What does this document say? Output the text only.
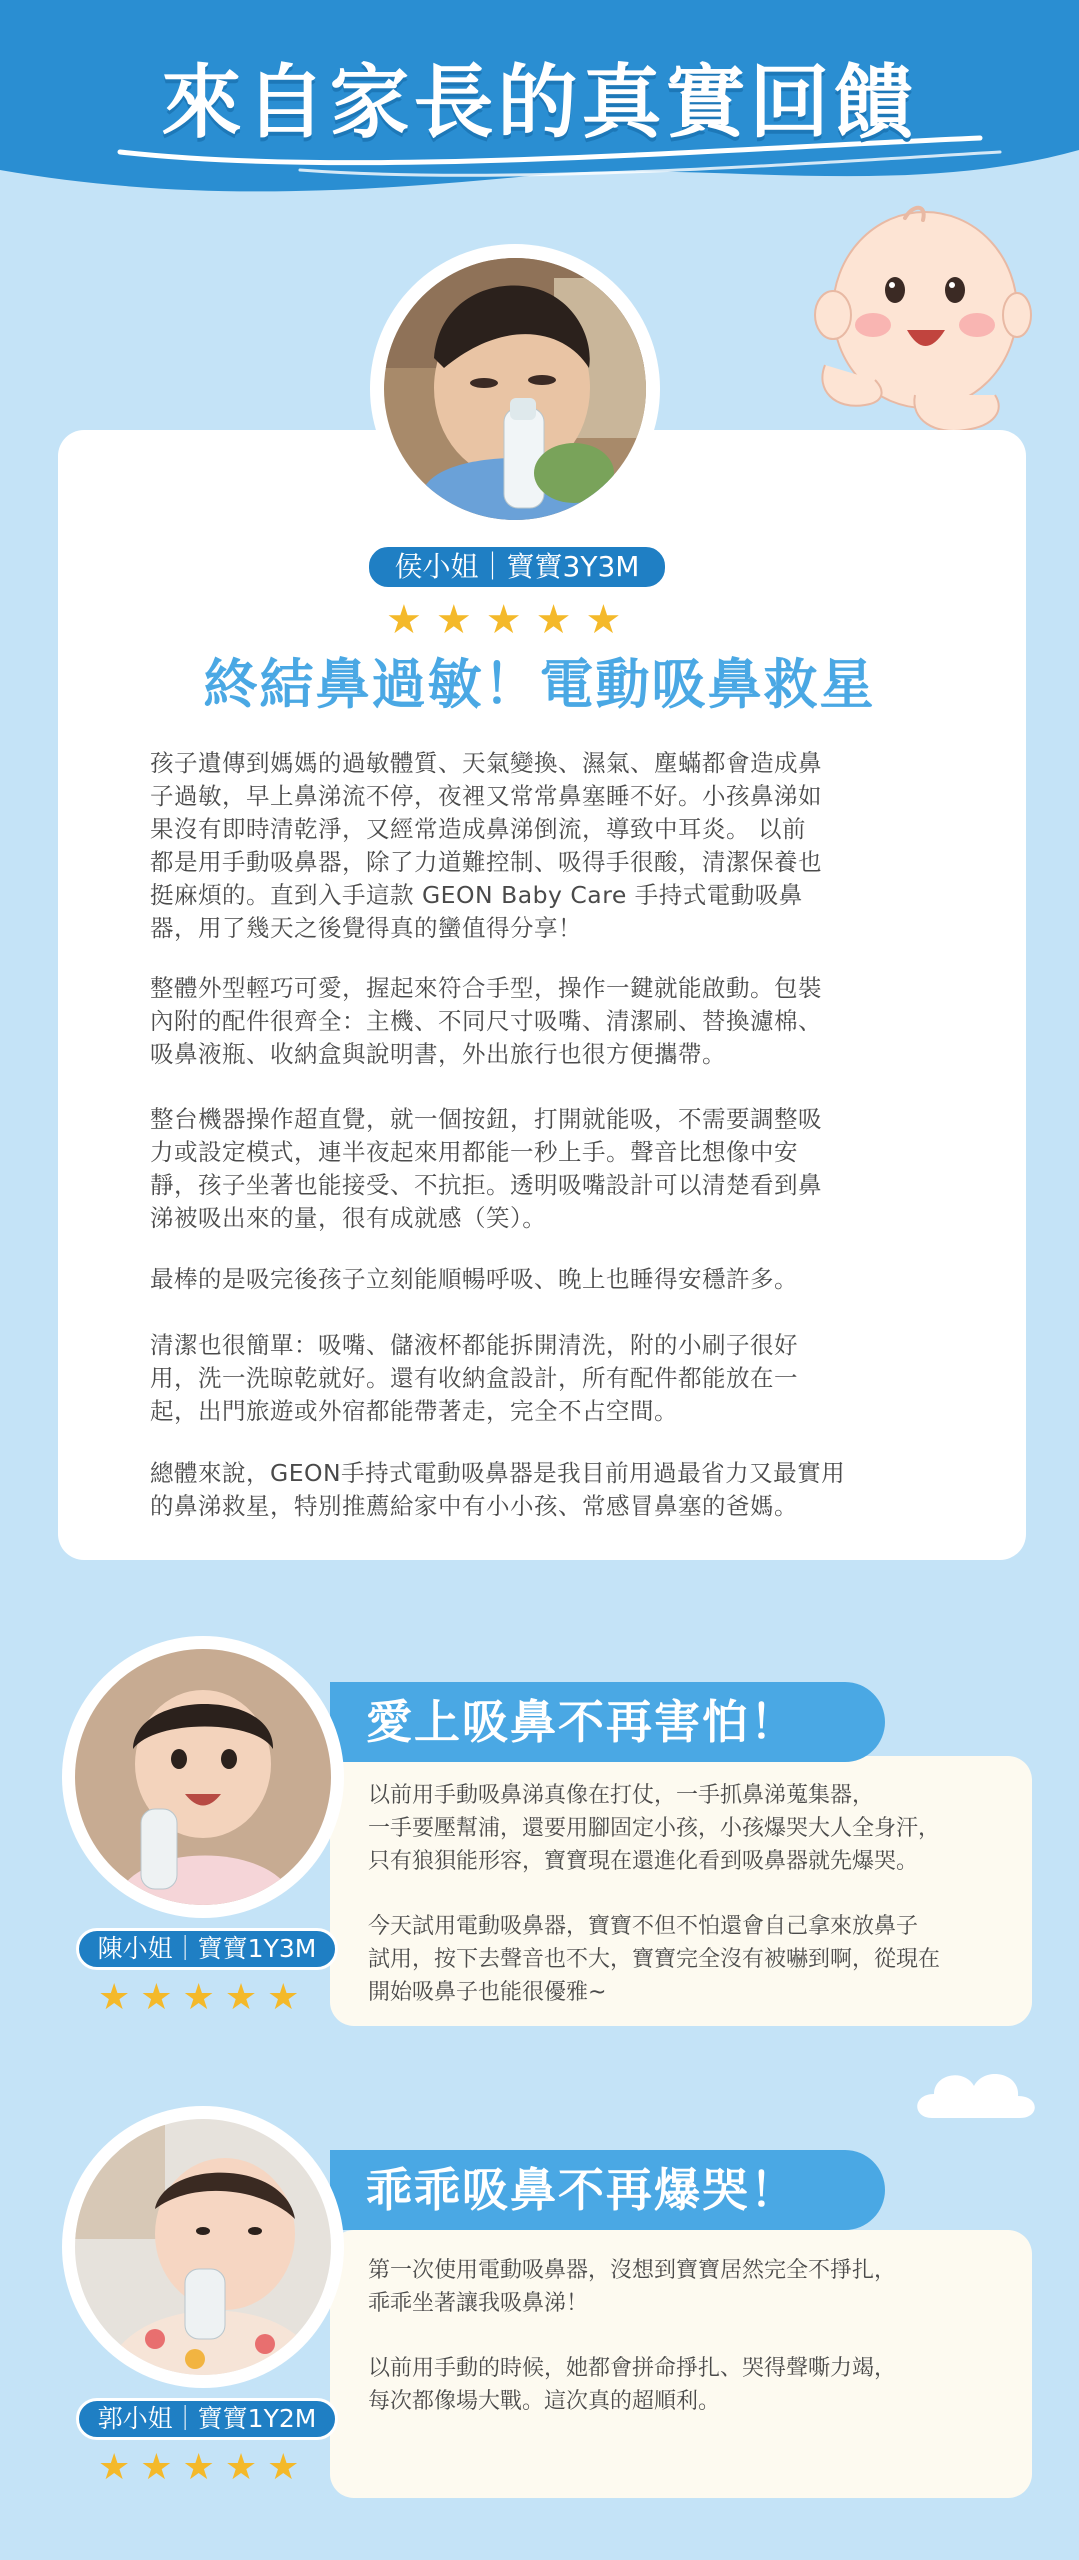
來自家長的真實回饋
侯小姐｜寶寶3Y3M
★★★★★
終結鼻過敏！電動吸鼻救星
孩子遺傳到媽媽的過敏體質、天氣變換、濕氣、塵蟎都會造成鼻
子過敏，早上鼻涕流不停，夜裡又常常鼻塞睡不好。小孩鼻涕如
果沒有即時清乾淨，又經常造成鼻涕倒流，導致中耳炎。 以前
都是用手動吸鼻器，除了力道難控制、吸得手很酸，清潔保養也
挺麻煩的。直到入手這款 GEON Baby Care 手持式電動吸鼻
器，用了幾天之後覺得真的蠻值得分享！
整體外型輕巧可愛，握起來符合手型，操作一鍵就能啟動。包裝
內附的配件很齊全：主機、不同尺寸吸嘴、清潔刷、替換濾棉、
吸鼻液瓶、收納盒與說明書，外出旅行也很方便攜帶。
整台機器操作超直覺，就一個按鈕，打開就能吸，不需要調整吸
力或設定模式，連半夜起來用都能一秒上手。聲音比想像中安
靜，孩子坐著也能接受、不抗拒。透明吸嘴設計可以清楚看到鼻
涕被吸出來的量，很有成就感（笑）。
最棒的是吸完後孩子立刻能順暢呼吸、晚上也睡得安穩許多。
清潔也很簡單：吸嘴、儲液杯都能拆開清洗，附的小刷子很好
用，洗一洗晾乾就好。還有收納盒設計，所有配件都能放在一
起，出門旅遊或外宿都能帶著走，完全不占空間。
總體來說，GEON手持式電動吸鼻器是我目前用過最省力又最實用
的鼻涕救星，特別推薦給家中有小小孩、常感冒鼻塞的爸媽。
愛上吸鼻不再害怕！
陳小姐｜寶寶1Y3M
★★★★★
以前用手動吸鼻涕真像在打仗，一手抓鼻涕蒐集器，
一手要壓幫浦，還要用腳固定小孩，小孩爆哭大人全身汗，
只有狼狽能形容，寶寶現在還進化看到吸鼻器就先爆哭。
今天試用電動吸鼻器，寶寶不但不怕還會自己拿來放鼻子
試用，按下去聲音也不大，寶寶完全沒有被嚇到啊，從現在
開始吸鼻子也能很優雅~
乖乖吸鼻不再爆哭！
郭小姐｜寶寶1Y2M
★★★★★
第一次使用電動吸鼻器，沒想到寶寶居然完全不掙扎，
乖乖坐著讓我吸鼻涕！
以前用手動的時候，她都會拼命掙扎、哭得聲嘶力竭，
每次都像場大戰。這次真的超順利。
